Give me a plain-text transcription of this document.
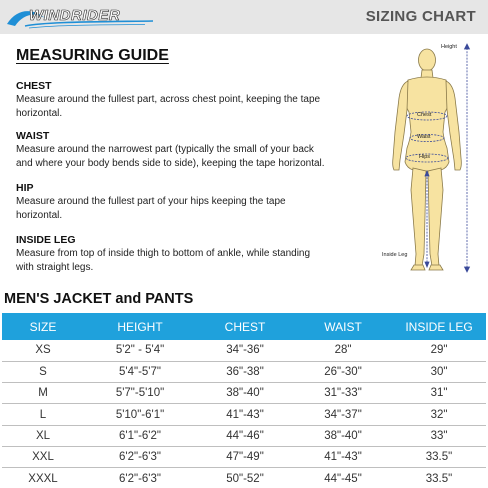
WINDRIDER	SIZING CHART
MEASURING GUIDE
CHEST
Measure around the fullest part, across chest point, keeping the tape
horizontal.
WAIST
Measure around the narrowest part (typically the small of your back
and where your body bends side to side), keeping the tape horizontal.
HIP
Measure around the fullest part of your hips keeping the tape
horizontal.
INSIDE LEG
Measure from top of inside thigh to bottom of ankle, while standing
with straight legs.
Height
Chest
Waist
Hips
Inside Leg
MEN'S JACKET and PANTS
SIZE	HEIGHT	CHEST	WAIST	INSIDE LEG
XS	5'2" - 5'4"	34"-36"	28"	29"
S	5'4"-5'7"	36"-38"	26"-30"	30"
M	5'7"-5'10"	38"-40"	31"-33"	31"
L	5'10"-6'1"	41"-43"	34"-37"	32"
XL	6'1"-6'2"	44"-46"	38"-40"	33"
XXL	6'2"-6'3"	47"-49"	41"-43"	33.5"
XXXL	6'2"-6'3"	50"-52"	44"-45"	33.5"
